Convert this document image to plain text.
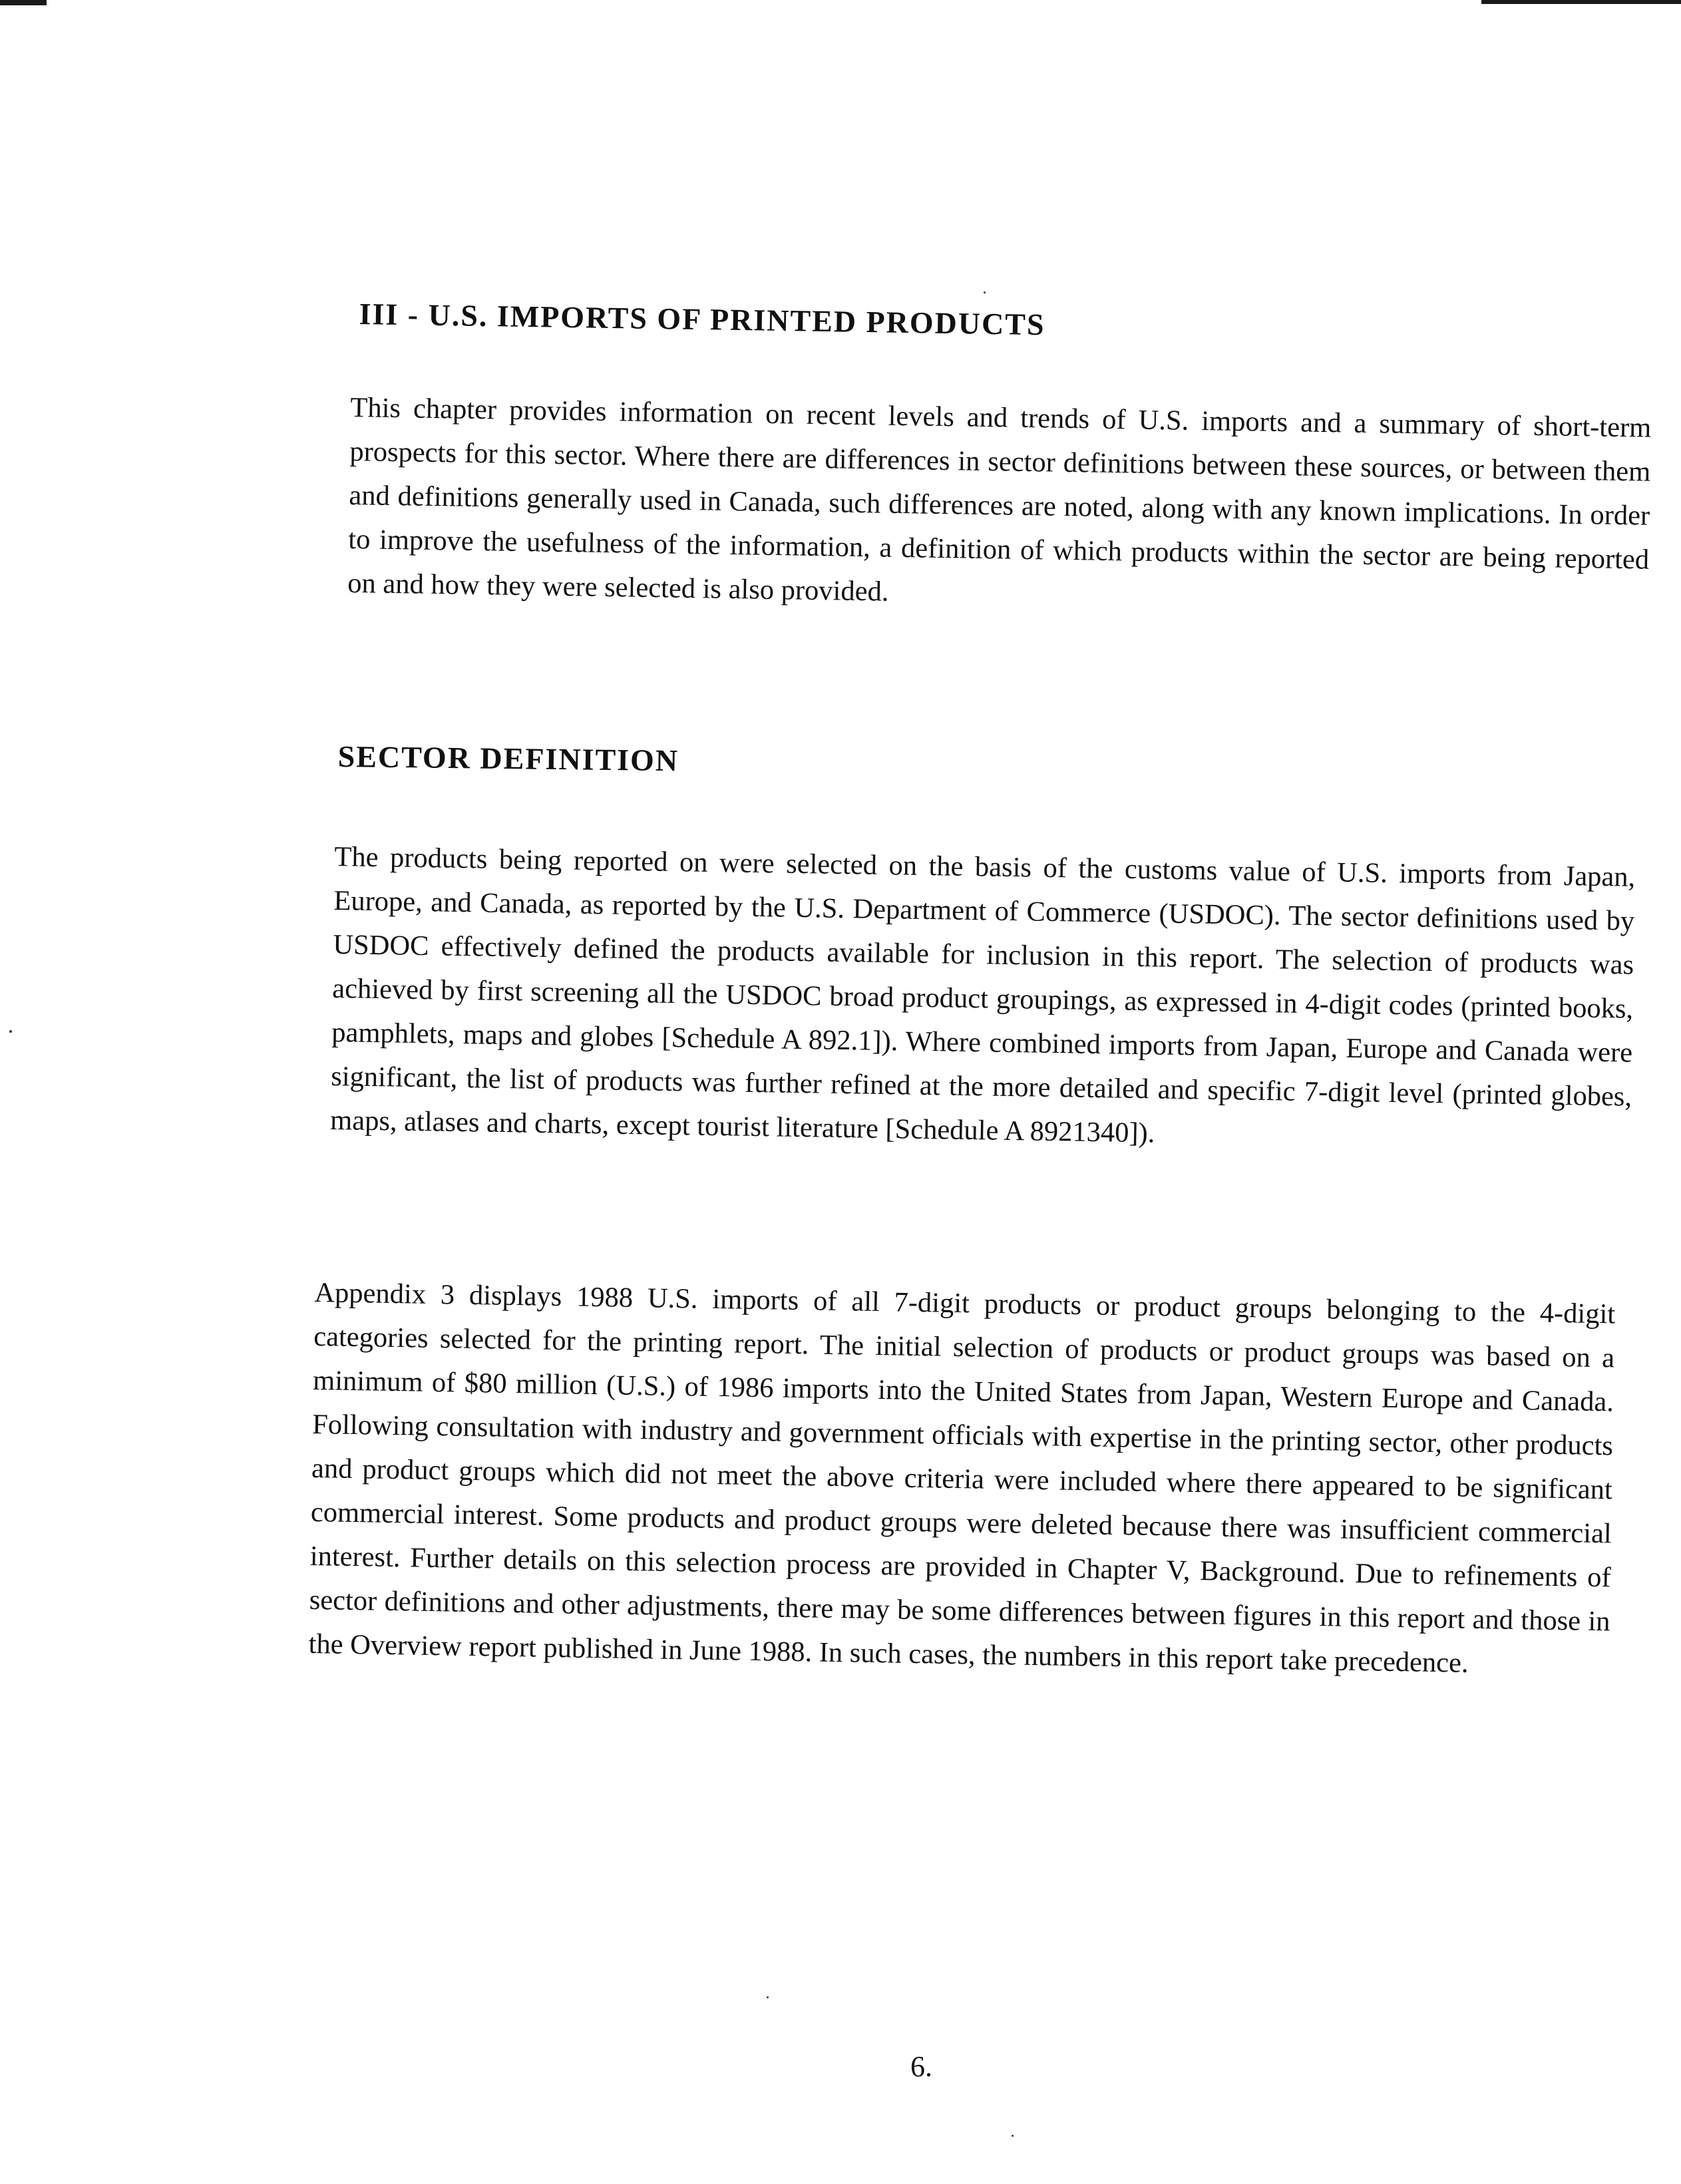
III - U.S. IMPORTS OF PRINTED PRODUCTS

This chapter provides information on recent levels and trends of U.S. imports and a summary of short-term prospects for this sector. Where there are differences in sector definitions between these sources, or between them and definitions generally used in Canada, such differences are noted, along with any known implications. In order to improve the usefulness of the information, a definition of which products within the sector are being reported on and how they were selected is also provided.

SECTOR DEFINITION

The products being reported on were selected on the basis of the customs value of U.S. imports from Japan, Europe, and Canada, as reported by the U.S. Department of Commerce (USDOC). The sector definitions used by USDOC effectively defined the products available for inclusion in this report. The selection of products was achieved by first screening all the USDOC broad product groupings, as expressed in 4-digit codes (printed books, pamphlets, maps and globes [Schedule A 892.1]). Where combined imports from Japan, Europe and Canada were significant, the list of products was further refined at the more detailed and specific 7-digit level (printed globes, maps, atlases and charts, except tourist literature [Schedule A 8921340]).

Appendix 3 displays 1988 U.S. imports of all 7-digit products or product groups belonging to the 4-digit categories selected for the printing report. The initial selection of products or product groups was based on a minimum of $80 million (U.S.) of 1986 imports into the United States from Japan, Western Europe and Canada. Following consultation with industry and government officials with expertise in the printing sector, other products and product groups which did not meet the above criteria were included where there appeared to be significant commercial interest. Some products and product groups were deleted because there was insufficient commercial interest. Further details on this selection process are provided in Chapter V, Background. Due to refinements of sector definitions and other adjustments, there may be some differences between figures in this report and those in the Overview report published in June 1988. In such cases, the numbers in this report take precedence.

6.
